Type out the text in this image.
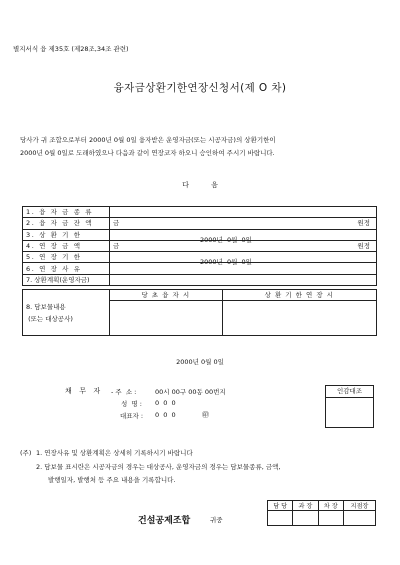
별지서식 융 제35호 (제28조,34조 관련)
융자금상환기한연장신청서(제 O 차)
당사가 귀 조합으로부터 2000년 0월 0일 융자받은 운영자금(또는 시공자금)의 상환기한이
2000년 0월 0일로 도래하였으나 다음과 같이 연장코자 하오니 승인하여 주시기 바랍니다.
다          음
1. 융 자 금 종 류	

2. 융 자 금 잔 액	금 원정

3. 상 환 기 한	2000년  0월  0일

4. 연 장 금 액	금 원정

5. 연 장 기 한	2000년  0월  0일

6. 연 장 사 유	

7. 상환계획(운영자금)	
8. 담보물내용
(또는 대상공사)	당 초 융 자 시	상 환 기 한 연 장 시

2000년 0월 0일
채  무  자 - 주  소 :	00시 00구 00동 00번지
성  명 : 0  0  0
대표자 : 0  0  0	㊞
인감대조
(주) 1. 연장사유 및 상환계획은 상세히 기록하시기 바랍니다
2. 담보물 표시란은 시공자금의 경우는 대상공사, 운영자금의 경우는 담보물종류, 금액,
발행일자, 발행처 등 주요 내용을 기록합니다.
담 당	과 장	차 장	지점장

건설공제조합	귀중
